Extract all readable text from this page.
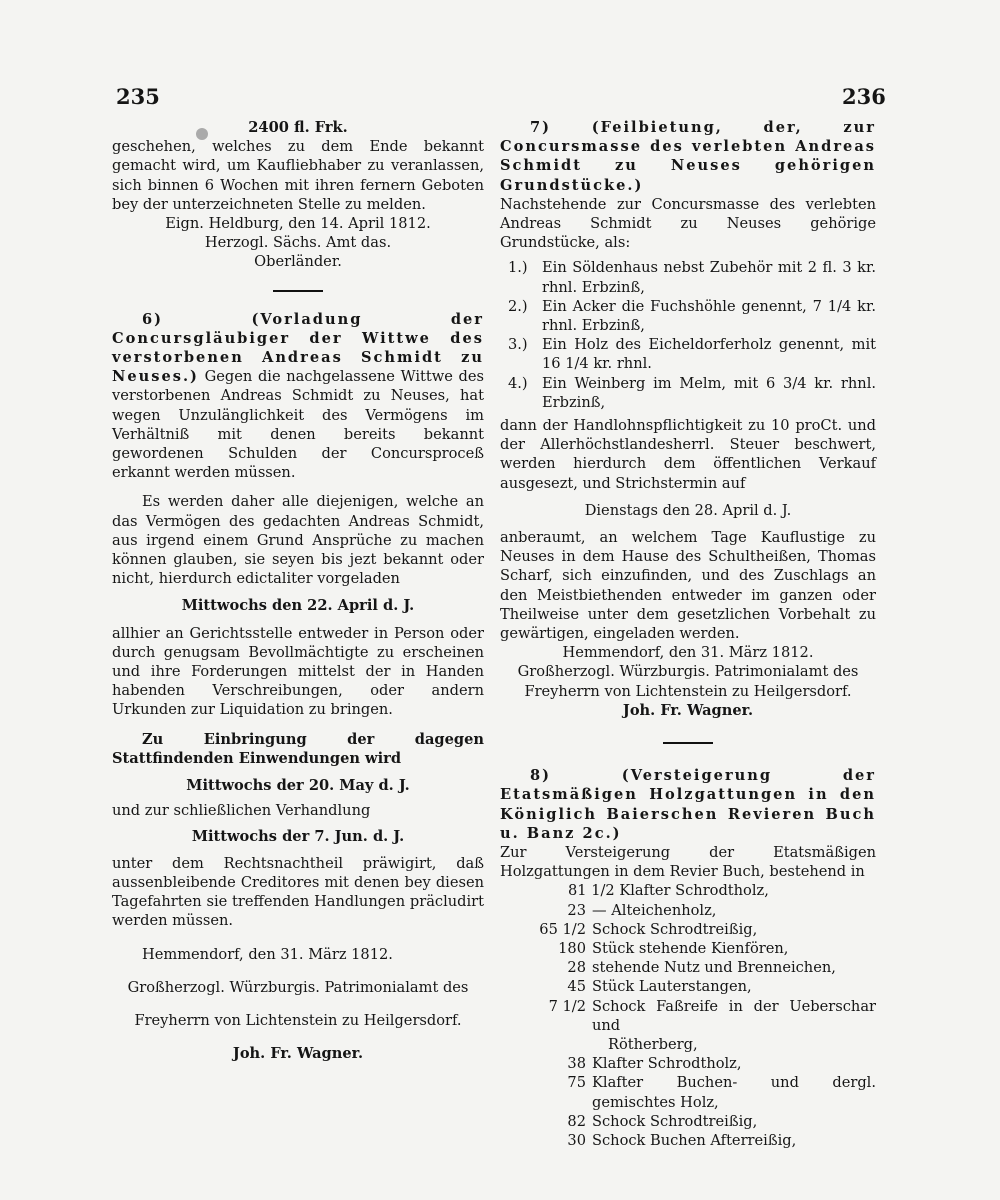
235	236

2400 fl. Frk.

geschehen, welches zu dem Ende bekannt gemacht wird, um Kaufliebhaber zu veranlassen, sich binnen 6 Wochen mit ihren fernern Geboten bey der unterzeichneten Stelle zu melden.

Eign. Heldburg, den 14. April 1812.

Herzogl. Sächs. Amt das.

Oberländer.

6) (Vorladung der Concursgläubiger der Wittwe des verstorbenen Andreas Schmidt zu Neuses.) Gegen die nachgelassene Wittwe des verstorbenen Andreas Schmidt zu Neuses, hat wegen Unzulänglichkeit des Vermögens im Verhältniß mit denen bereits bekannt gewordenen Schulden der Concursproceß erkannt werden müssen.

Es werden daher alle diejenigen, welche an das Vermögen des gedachten Andreas Schmidt, aus irgend einem Grund Ansprüche zu machen können glauben, sie seyen bis jezt bekannt oder nicht, hierdurch edictaliter vorgeladen

Mittwochs den 22. April d. J.

allhier an Gerichtsstelle entweder in Person oder durch genugsam Bevollmächtigte zu erscheinen und ihre Forderungen mittelst der in Handen habenden Verschreibungen, oder andern Urkunden zur Liquidation zu bringen.

Zu Einbringung der dagegen Stattfindenden Einwendungen wird

Mittwochs der 20. May d. J.

und zur schließlichen Verhandlung

Mittwochs der 7. Jun. d. J.

unter dem Rechtsnachtheil präwigirt, daß aussenbleibende Creditores mit denen bey diesen Tagefahrten sie treffenden Handlungen präcludirt werden müssen.

Hemmendorf, den 31. März 1812.

Großherzogl. Würzburgis. Patrimonialamt des

Freyherrn von Lichtenstein zu Heilgersdorf.

Joh. Fr. Wagner.

7) (Feilbietung, der, zur Concursmasse des verlebten Andreas Schmidt zu Neuses gehörigen Grundstücke.)

Nachstehende zur Concursmasse des verlebten Andreas Schmidt zu Neuses gehörige Grundstücke, als:

1.) Ein Söldenhaus nebst Zubehör mit 2 fl. 3 kr. rhnl. Erbzinß,
2.) Ein Acker die Fuchshöhle genennt, 7 1/4 kr. rhnl. Erbzinß,
3.) Ein Holz des Eicheldorferholz genennt, mit 16 1/4 kr. rhnl.
4.) Ein Weinberg im Melm, mit 6 3/4 kr. rhnl. Erbzinß,

dann der Handlohnspflichtigkeit zu 10 proCt. und der Allerhöchstlandesherrl. Steuer beschwert, werden hierdurch dem öffentlichen Verkauf ausgesezt, und Strichstermin auf

Dienstags den 28. April d. J.

anberaumt, an welchem Tage Kauflustige zu Neuses in dem Hause des Schultheißen, Thomas Scharf, sich einzufinden, und des Zuschlags an den Meistbiethenden entweder im ganzen oder Theilweise unter dem gesetzlichen Vorbehalt zu gewärtigen, eingeladen werden.

Hemmendorf, den 31. März 1812.

Großherzogl. Würzburgis. Patrimonialamt des Freyherrn von Lichtenstein zu Heilgersdorf.

Joh. Fr. Wagner.

8) (Versteigerung der Etatsmäßigen Holzgattungen in den Königlich Baierschen Revieren Buch u. Banz 2c.)

Zur Versteigerung der Etatsmäßigen Holzgattungen in dem Revier Buch, bestehend in

81 1/2 Klafter Schrodtholz,

23 — Alteichenholz,
65 1/2 Schock Schrodtreißig,
180 Stück stehende Kienfören,
28 stehende Nutz und Brenneichen,
45 Stück Lauterstangen,
7 1/2 Schock Faßreife in der Ueberschar und

Rötherberg,

38 Klafter Schrodtholz,
75 Klafter Buchen- und dergl. gemischtes Holz,
82 Schock Schrodtreißig,
30 Schock Buchen Afterreißig,
